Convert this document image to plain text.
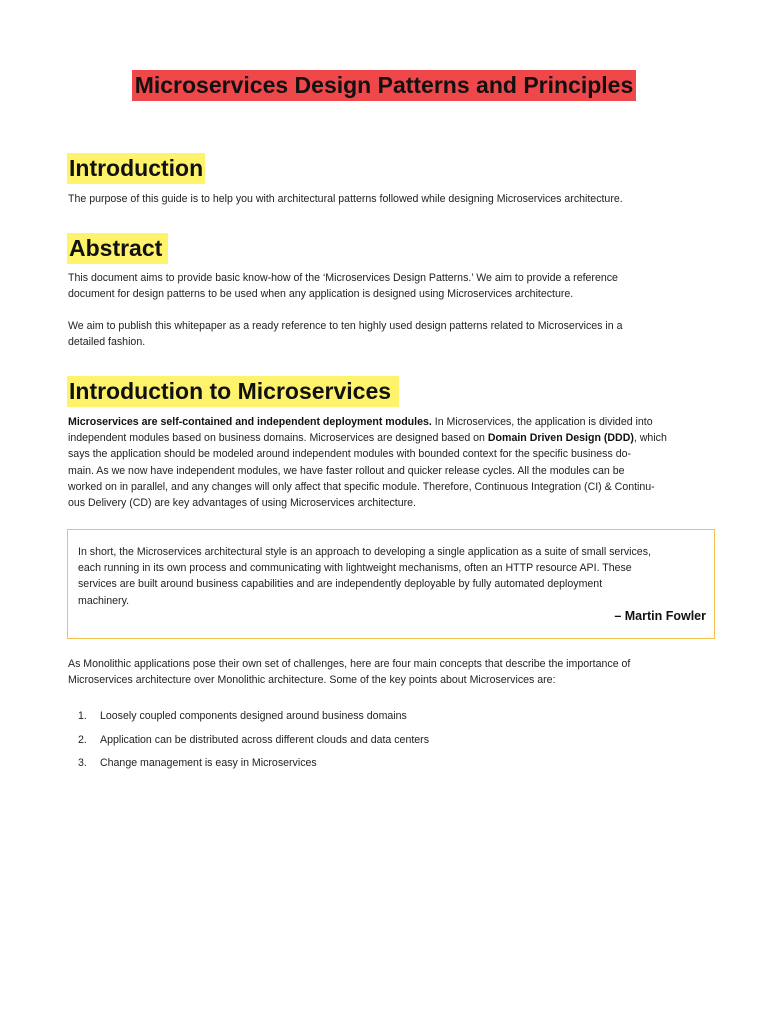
Microservices Design Patterns and Principles
Introduction

The purpose of this guide is to help you with architectural patterns followed while designing Microservices architecture.

Abstract
This document aims to provide basic know-how of the ‘Microservices Design Patterns.’ We aim to provide a reference
document for design patterns to be used when any application is designed using Microservices architecture.
We aim to publish this whitepaper as a ready reference to ten highly used design patterns related to Microservices in a
detailed fashion.
Introduction to Microservices
Microservices are self-contained and independent deployment modules. In Microservices, the application is divided into
independent modules based on business domains. Microservices are designed based on Domain Driven Design (DDD), which
says the application should be modeled around independent modules with bounded context for the specific business do-
main. As we now have independent modules, we have faster rollout and quicker release cycles. All the modules can be
worked on in parallel, and any changes will only affect that specific module. Therefore, Continuous Integration (CI) & Continu-
ous Delivery (CD) are key advantages of using Microservices architecture.
In short, the Microservices architectural style is an approach to developing a single application as a suite of small services,
each running in its own process and communicating with lightweight mechanisms, often an HTTP resource API. These
services are built around business capabilities and are independently deployable by fully automated deployment
machinery.
– Martin Fowler
As Monolithic applications pose their own set of challenges, here are four main concepts that describe the importance of
Microservices architecture over Monolithic architecture. Some of the key points about Microservices are:
1. Loosely coupled components designed around business domains
2. Application can be distributed across different clouds and data centers
3. Change management is easy in Microservices
